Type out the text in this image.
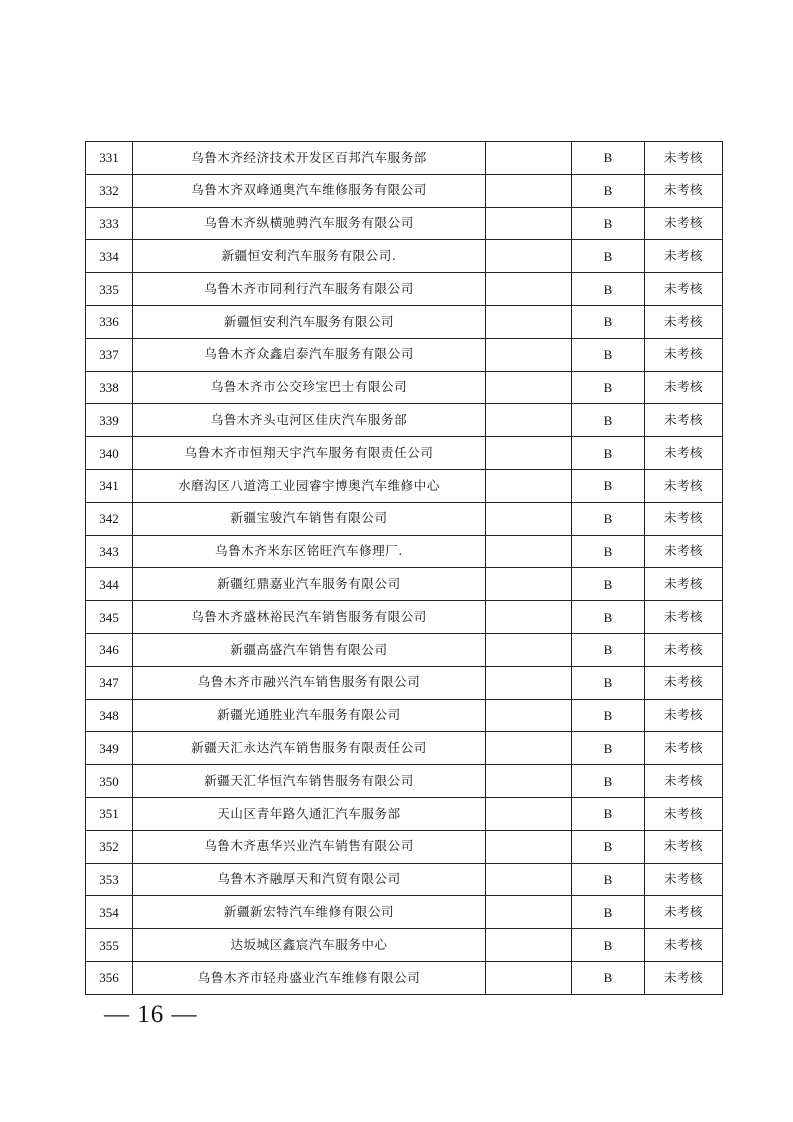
331	乌鲁木齐经济技术开发区百邦汽车服务部		B	未考核
332	乌鲁木齐双峰通奥汽车维修服务有限公司		B	未考核
333	乌鲁木齐纵横驰骋汽车服务有限公司		B	未考核
334	新疆恒安利汽车服务有限公司.		B	未考核
335	乌鲁木齐市同利行汽车服务有限公司		B	未考核
336	新疆恒安利汽车服务有限公司		B	未考核
337	乌鲁木齐众鑫启泰汽车服务有限公司		B	未考核
338	乌鲁木齐市公交珍宝巴士有限公司		B	未考核
339	乌鲁木齐头屯河区佳庆汽车服务部		B	未考核
340	乌鲁木齐市恒翔天宇汽车服务有限责任公司		B	未考核
341	水磨沟区八道湾工业园睿宇博奥汽车维修中心		B	未考核
342	新疆宝骏汽车销售有限公司		B	未考核
343	乌鲁木齐米东区铭旺汽车修理厂.		B	未考核
344	新疆红鼎嘉业汽车服务有限公司		B	未考核
345	乌鲁木齐盛林裕民汽车销售服务有限公司		B	未考核
346	新疆高盛汽车销售有限公司		B	未考核
347	乌鲁木齐市融兴汽车销售服务有限公司		B	未考核
348	新疆光通胜业汽车服务有限公司		B	未考核
349	新疆天汇永达汽车销售服务有限责任公司		B	未考核
350	新疆天汇华恒汽车销售服务有限公司		B	未考核
351	天山区青年路久通汇汽车服务部		B	未考核
352	乌鲁木齐惠华兴业汽车销售有限公司		B	未考核
353	乌鲁木齐融厚天和汽贸有限公司		B	未考核
354	新疆新宏特汽车维修有限公司		B	未考核
355	达坂城区鑫宸汽车服务中心		B	未考核
356	乌鲁木齐市轻舟盛业汽车维修有限公司		B	未考核
— 16 —
